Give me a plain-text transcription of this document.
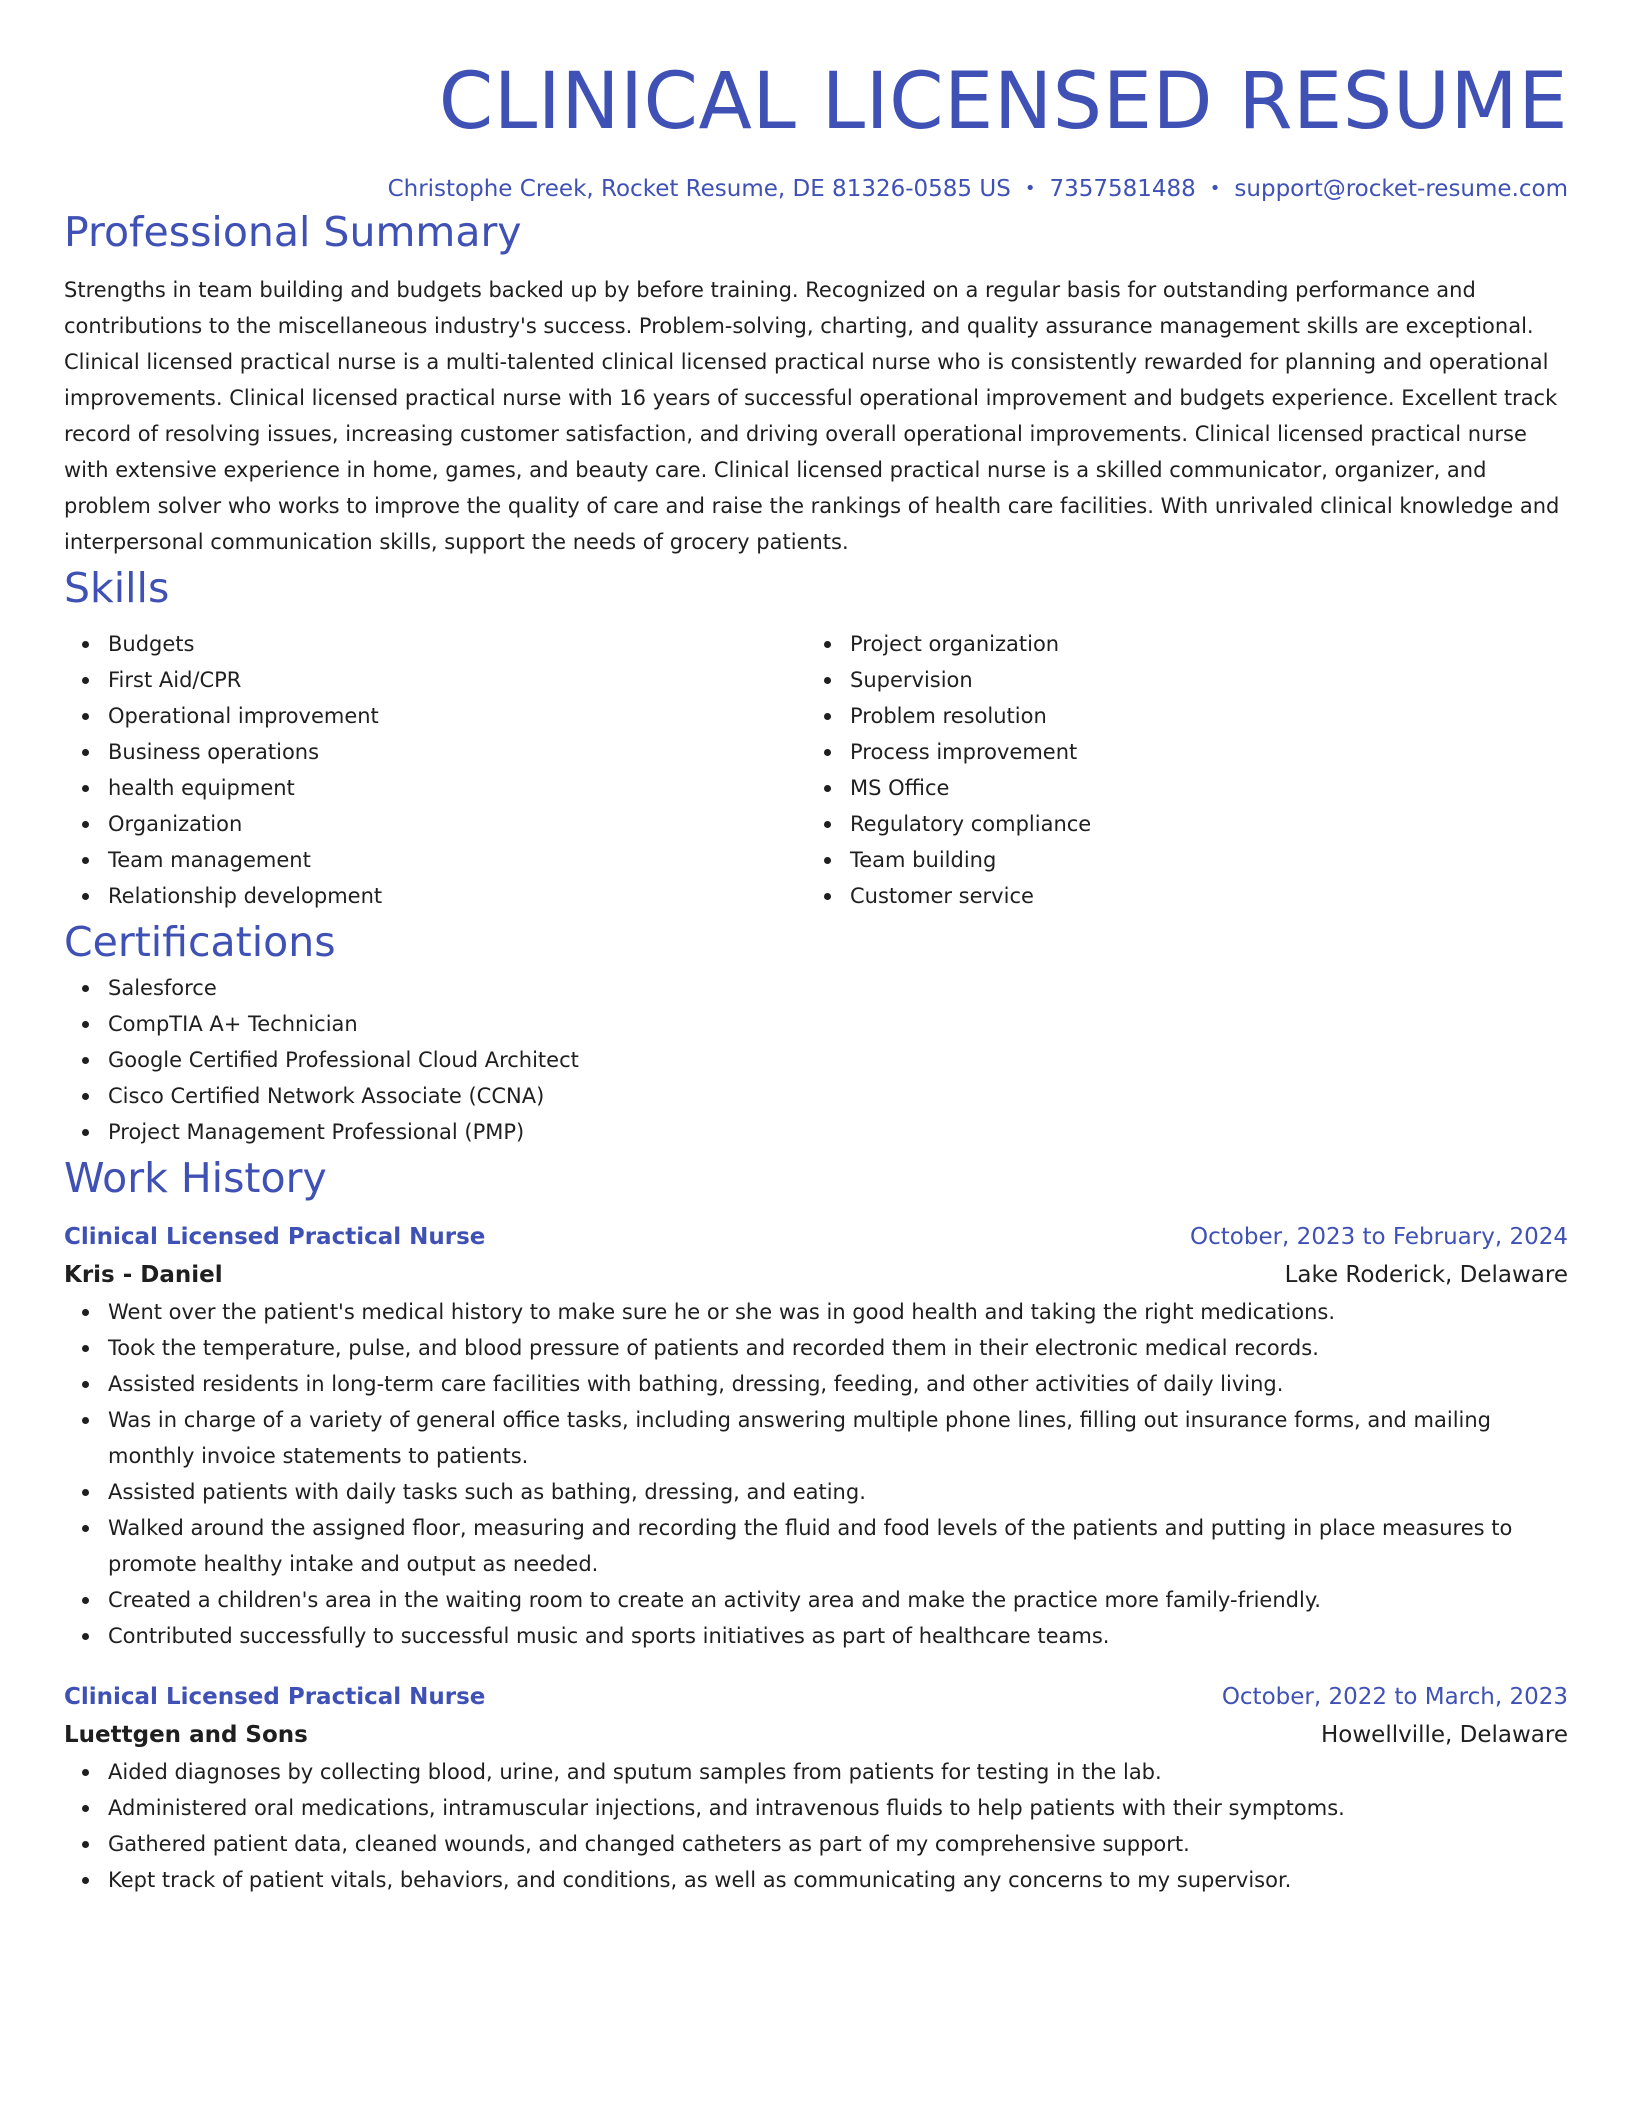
CLINICAL LICENSED RESUME
Christophe Creek, Rocket Resume, DE 81326-0585 US • 7357581488 • support@rocket-resume.com
Professional Summary
Strengths in team building and budgets backed up by before training. Recognized on a regular basis for outstanding performance and contributions to the miscellaneous industry's success. Problem-solving, charting, and quality assurance management skills are exceptional. Clinical licensed practical nurse is a multi-talented clinical licensed practical nurse who is consistently rewarded for planning and operational improvements. Clinical licensed practical nurse with 16 years of successful operational improvement and budgets experience. Excellent track record of resolving issues, increasing customer satisfaction, and driving overall operational improvements. Clinical licensed practical nurse with extensive experience in home, games, and beauty care. Clinical licensed practical nurse is a skilled communicator, organizer, and problem solver who works to improve the quality of care and raise the rankings of health care facilities. With unrivaled clinical knowledge and interpersonal communication skills, support the needs of grocery patients.
Skills
Budgets
First Aid/CPR
Operational improvement
Business operations
health equipment
Organization
Team management
Relationship development
Project organization
Supervision
Problem resolution
Process improvement
MS Office
Regulatory compliance
Team building
Customer service
Certifications
Salesforce
CompTIA A+ Technician
Google Certified Professional Cloud Architect
Cisco Certified Network Associate (CCNA)
Project Management Professional (PMP)
Work History
Clinical Licensed Practical Nurse	October, 2023 to February, 2024
Kris - Daniel	Lake Roderick, Delaware
Went over the patient's medical history to make sure he or she was in good health and taking the right medications.
Took the temperature, pulse, and blood pressure of patients and recorded them in their electronic medical records.
Assisted residents in long-term care facilities with bathing, dressing, feeding, and other activities of daily living.
Was in charge of a variety of general office tasks, including answering multiple phone lines, filling out insurance forms, and mailing monthly invoice statements to patients.
Assisted patients with daily tasks such as bathing, dressing, and eating.
Walked around the assigned floor, measuring and recording the fluid and food levels of the patients and putting in place measures to promote healthy intake and output as needed.
Created a children's area in the waiting room to create an activity area and make the practice more family-friendly.
Contributed successfully to successful music and sports initiatives as part of healthcare teams.
Clinical Licensed Practical Nurse	October, 2022 to March, 2023
Luettgen and Sons	Howellville, Delaware
Aided diagnoses by collecting blood, urine, and sputum samples from patients for testing in the lab.
Administered oral medications, intramuscular injections, and intravenous fluids to help patients with their symptoms.
Gathered patient data, cleaned wounds, and changed catheters as part of my comprehensive support.
Kept track of patient vitals, behaviors, and conditions, as well as communicating any concerns to my supervisor.
